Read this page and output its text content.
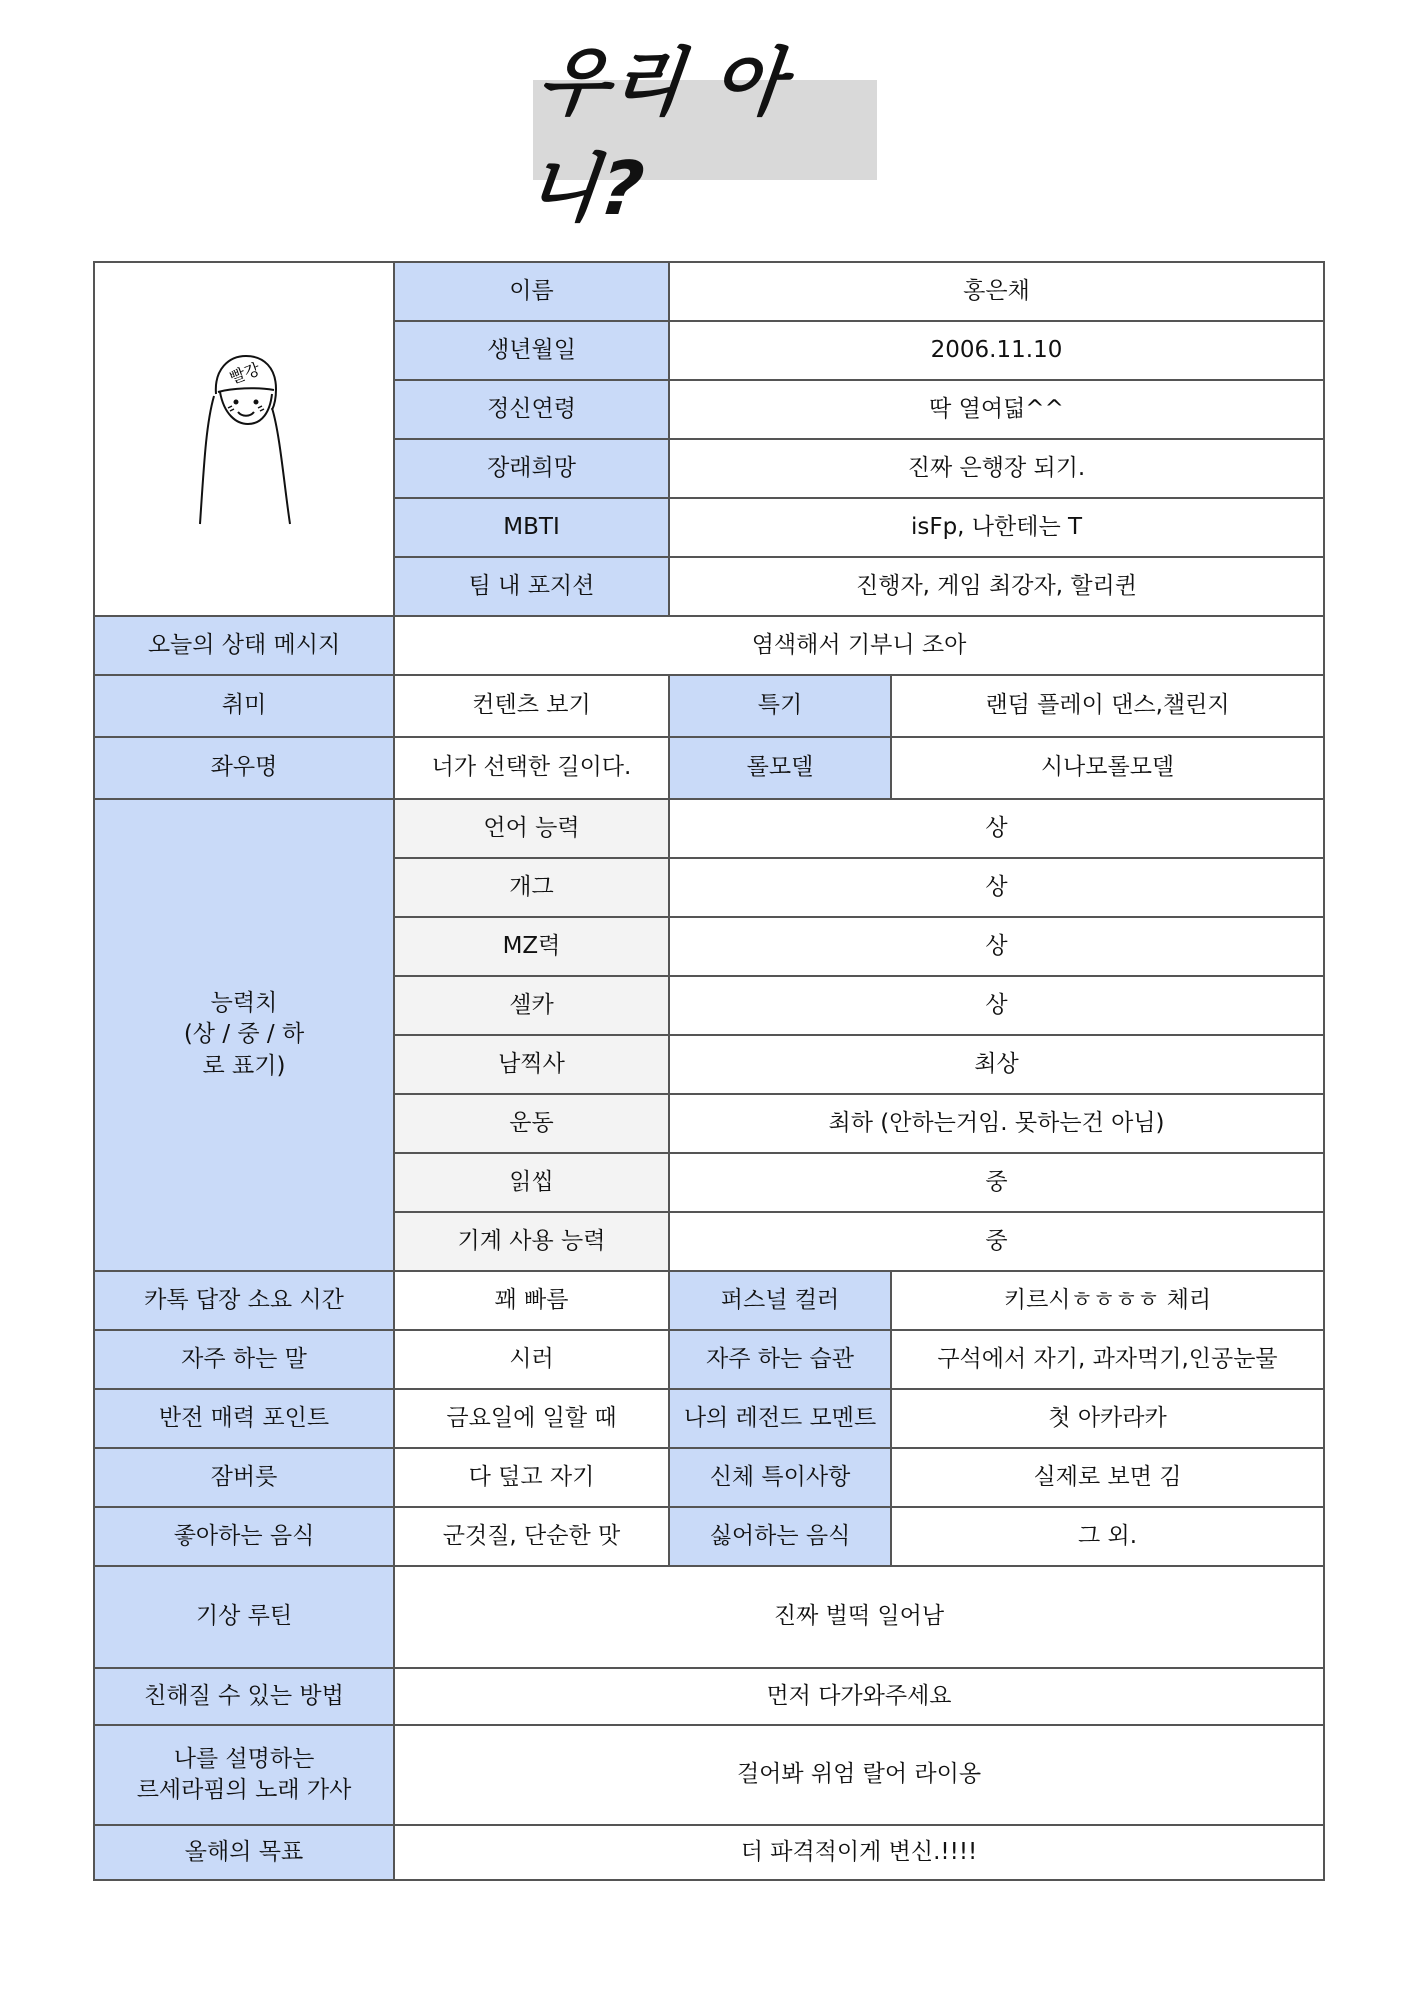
우리 아니?
빨강	이름	홍은채	
	생년월일	2006.11.10	
	정신연령	딱 열여덟^^	
	장래희망	진짜 은행장 되기.	
	MBTI	isFp, 나한테는 T	
	팀 내 포지션	진행자, 게임 최강자, 할리퀸	
오늘의 상태 메시지	염색해서 기부니 조아		
취미	컨텐츠 보기	특기	랜덤 플레이 댄스,챌린지
좌우명	너가 선택한 길이다.	롤모델	시나모롤모델

능력치
(상 / 중 / 하
로 표기)	언어 능력	상	
	개그	상	
	MZ력	상	
	셀카	상	
	남찍사	최상	
	운동	최하 (안하는거임. 못하는건 아님)	
	읽씹	중	
	기계 사용 능력	중	
카톡 답장 소요 시간	꽤 빠름	퍼스널 컬러	키르시ㅎㅎㅎㅎ 체리
자주 하는 말	시러	자주 하는 습관	구석에서 자기, 과자먹기,인공눈물
반전 매력 포인트	금요일에 일할 때	나의 레전드 모멘트	첫 아카라카
잠버릇	다 덮고 자기	신체 특이사항	실제로 보면 김
좋아하는 음식	군것질, 단순한 맛	싫어하는 음식	그 외.
기상 루틴	진짜 벌떡 일어남		
친해질 수 있는 방법	먼저 다가와주세요		

나를 설명하는
르세라핌의 노래 가사	걸어봐 위엄 랄어 라이옹		
올해의 목표	더 파격적이게 변신.!!!!		
